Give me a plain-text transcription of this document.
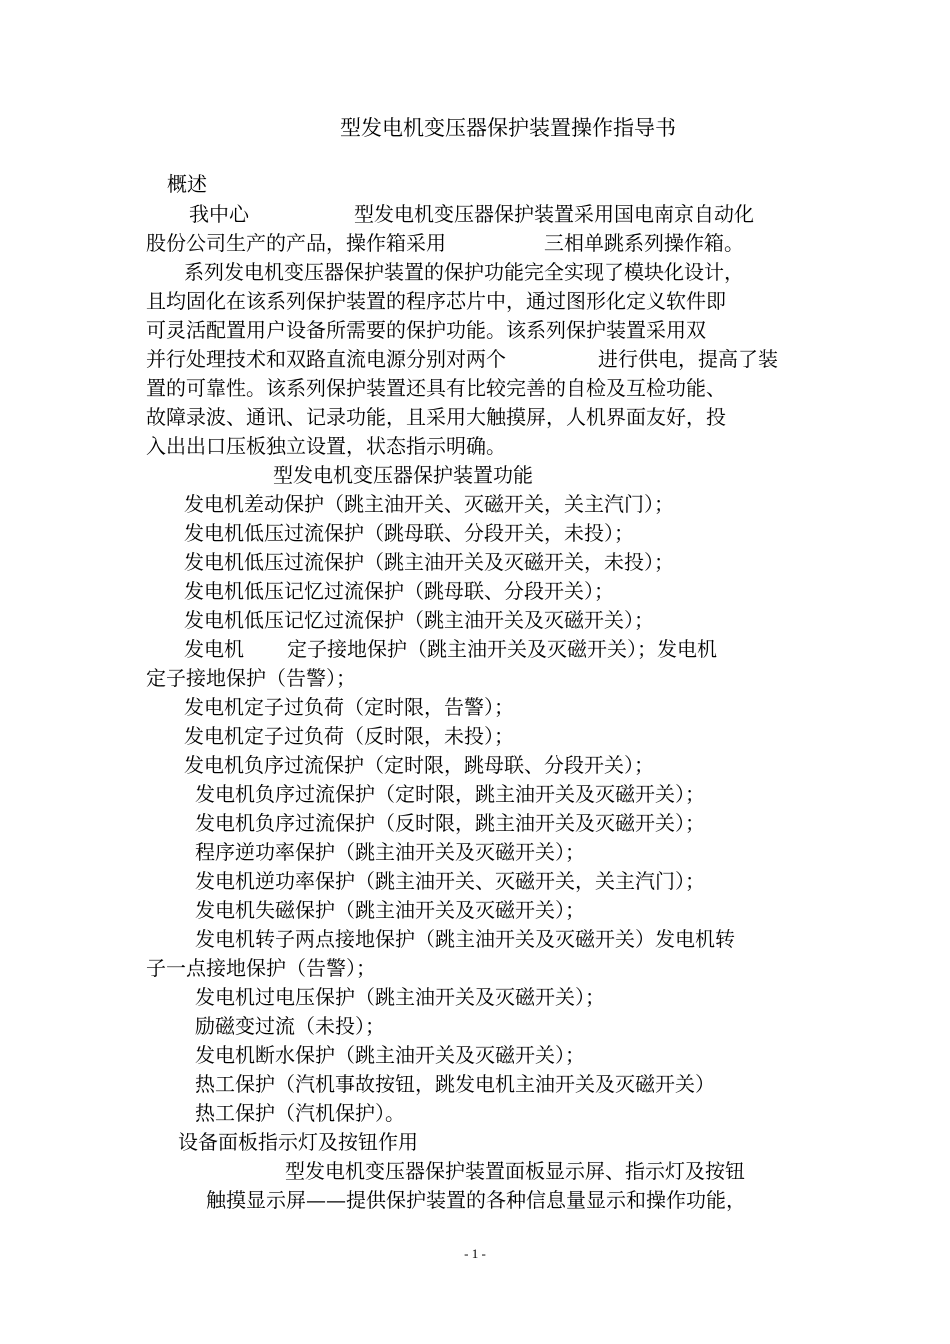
型发电机变压器保护装置操作指导书
概述
我中心	型发电机变压器保护装置采用国电南京自动化
股份公司生产的产品，操作箱采用	三相单跳系列操作箱。
系列发电机变压器保护装置的保护功能完全实现了模块化设计，
且均固化在该系列保护装置的程序芯片中，通过图形化定义软件即
可灵活配置用户设备所需要的保护功能。该系列保护装置采用双
并行处理技术和双路直流电源分别对两个	进行供电，提高了装
置的可靠性。该系列保护装置还具有比较完善的自检及互检功能、
故障录波、通讯、记录功能，且采用大触摸屏，人机界面友好，投
入出出口压板独立设置，状态指示明确。
型发电机变压器保护装置功能
发电机差动保护（跳主油开关、灭磁开关，关主汽门）；
发电机低压过流保护（跳母联、分段开关，未投）；
发电机低压过流保护（跳主油开关及灭磁开关，未投）；
发电机低压记忆过流保护（跳母联、分段开关）；
发电机低压记忆过流保护（跳主油开关及灭磁开关）；
发电机 定子接地保护（跳主油开关及灭磁开关）；发电机
定子接地保护（告警）；
发电机定子过负荷（定时限，告警）；
发电机定子过负荷（反时限，未投）；
发电机负序过流保护（定时限，跳母联、分段开关）；
发电机负序过流保护（定时限，跳主油开关及灭磁开关）；
发电机负序过流保护（反时限，跳主油开关及灭磁开关）；
程序逆功率保护（跳主油开关及灭磁开关）；
发电机逆功率保护（跳主油开关、灭磁开关，关主汽门）；
发电机失磁保护（跳主油开关及灭磁开关）；
发电机转子两点接地保护（跳主油开关及灭磁开关）发电机转
子一点接地保护（告警）；
发电机过电压保护（跳主油开关及灭磁开关）；
励磁变过流（未投）；
发电机断水保护（跳主油开关及灭磁开关）；
热工保护（汽机事故按钮，跳发电机主油开关及灭磁开关）
热工保护（汽机保护）。
设备面板指示灯及按钮作用
型发电机变压器保护装置面板显示屏、指示灯及按钮
触摸显示屏——提供保护装置的各种信息量显示和操作功能，
- 1 -
